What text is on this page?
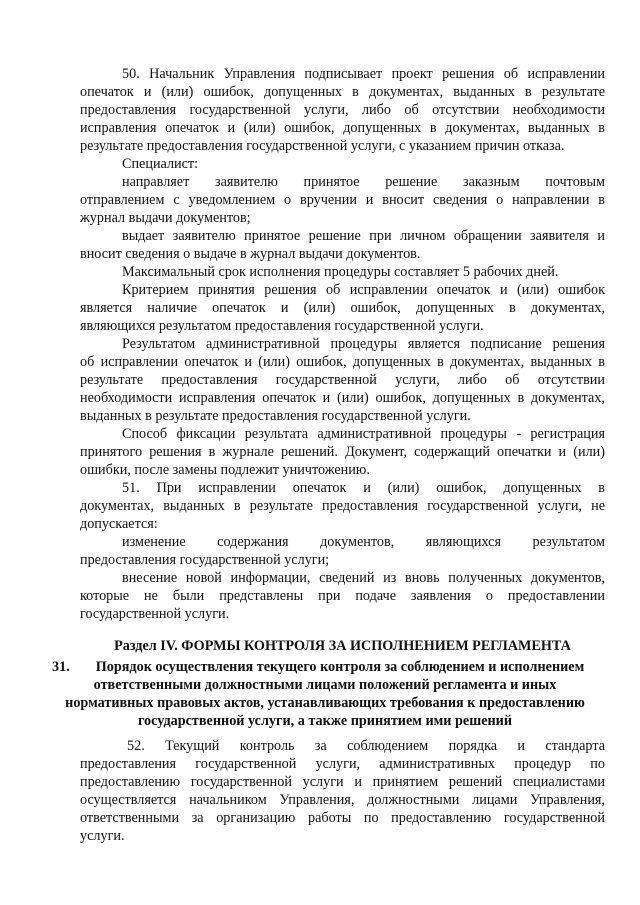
50. Начальник Управления подписывает проект решения об исправлении
опечаток и (или) ошибок, допущенных в документах, выданных в результате
предоставления государственной услуги, либо об отсутствии необходимости
исправления опечаток и (или) ошибок, допущенных в документах, выданных в
результате предоставления государственной услуги, с указанием причин отказа.
Специалист:
направляет заявителю принятое решение заказным почтовым
отправлением с уведомлением о вручении и вносит сведения о направлении в
журнал выдачи документов;
выдает заявителю принятое решение при личном обращении заявителя и
вносит сведения о выдаче в журнал выдачи документов.
Максимальный срок исполнения процедуры составляет 5 рабочих дней.
Критерием принятия решения об исправлении опечаток и (или) ошибок
является наличие опечаток и (или) ошибок, допущенных в документах,
являющихся результатом предоставления государственной услуги.
Результатом административной процедуры является подписание решения
об исправлении опечаток и (или) ошибок, допущенных в документах, выданных в
результате предоставления государственной услуги, либо об отсутствии
необходимости исправления опечаток и (или) ошибок, допущенных в документах,
выданных в результате предоставления государственной услуги.
Способ фиксации результата административной процедуры - регистрация
принятого решения в журнале решений. Документ, содержащий опечатки и (или)
ошибки, после замены подлежит уничтожению.
51. При исправлении опечаток и (или) ошибок, допущенных в
документах, выданных в результате предоставления государственной услуги, не
допускается:
изменение содержания документов, являющихся результатом
предоставления государственной услуги;
внесение новой информации, сведений из вновь полученных документов,
которые не были представлены при подаче заявления о предоставлении
государственной услуги.
Раздел IV. ФОРМЫ КОНТРОЛЯ ЗА ИСПОЛНЕНИЕМ РЕГЛАМЕНТА
31.	Порядок осуществления текущего контроля за соблюдением и исполнением
ответственными должностными лицами положений регламента и иных
нормативных правовых актов, устанавливающих требования к предоставлению
государственной услуги, а также принятием ими решений
52. Текущий контроль за соблюдением порядка и стандарта
предоставления государственной услуги, административных процедур по
предоставлению государственной услуги и принятием решений специалистами
осуществляется начальником Управления, должностными лицами Управления,
ответственными за организацию работы по предоставлению государственной
услуги.
